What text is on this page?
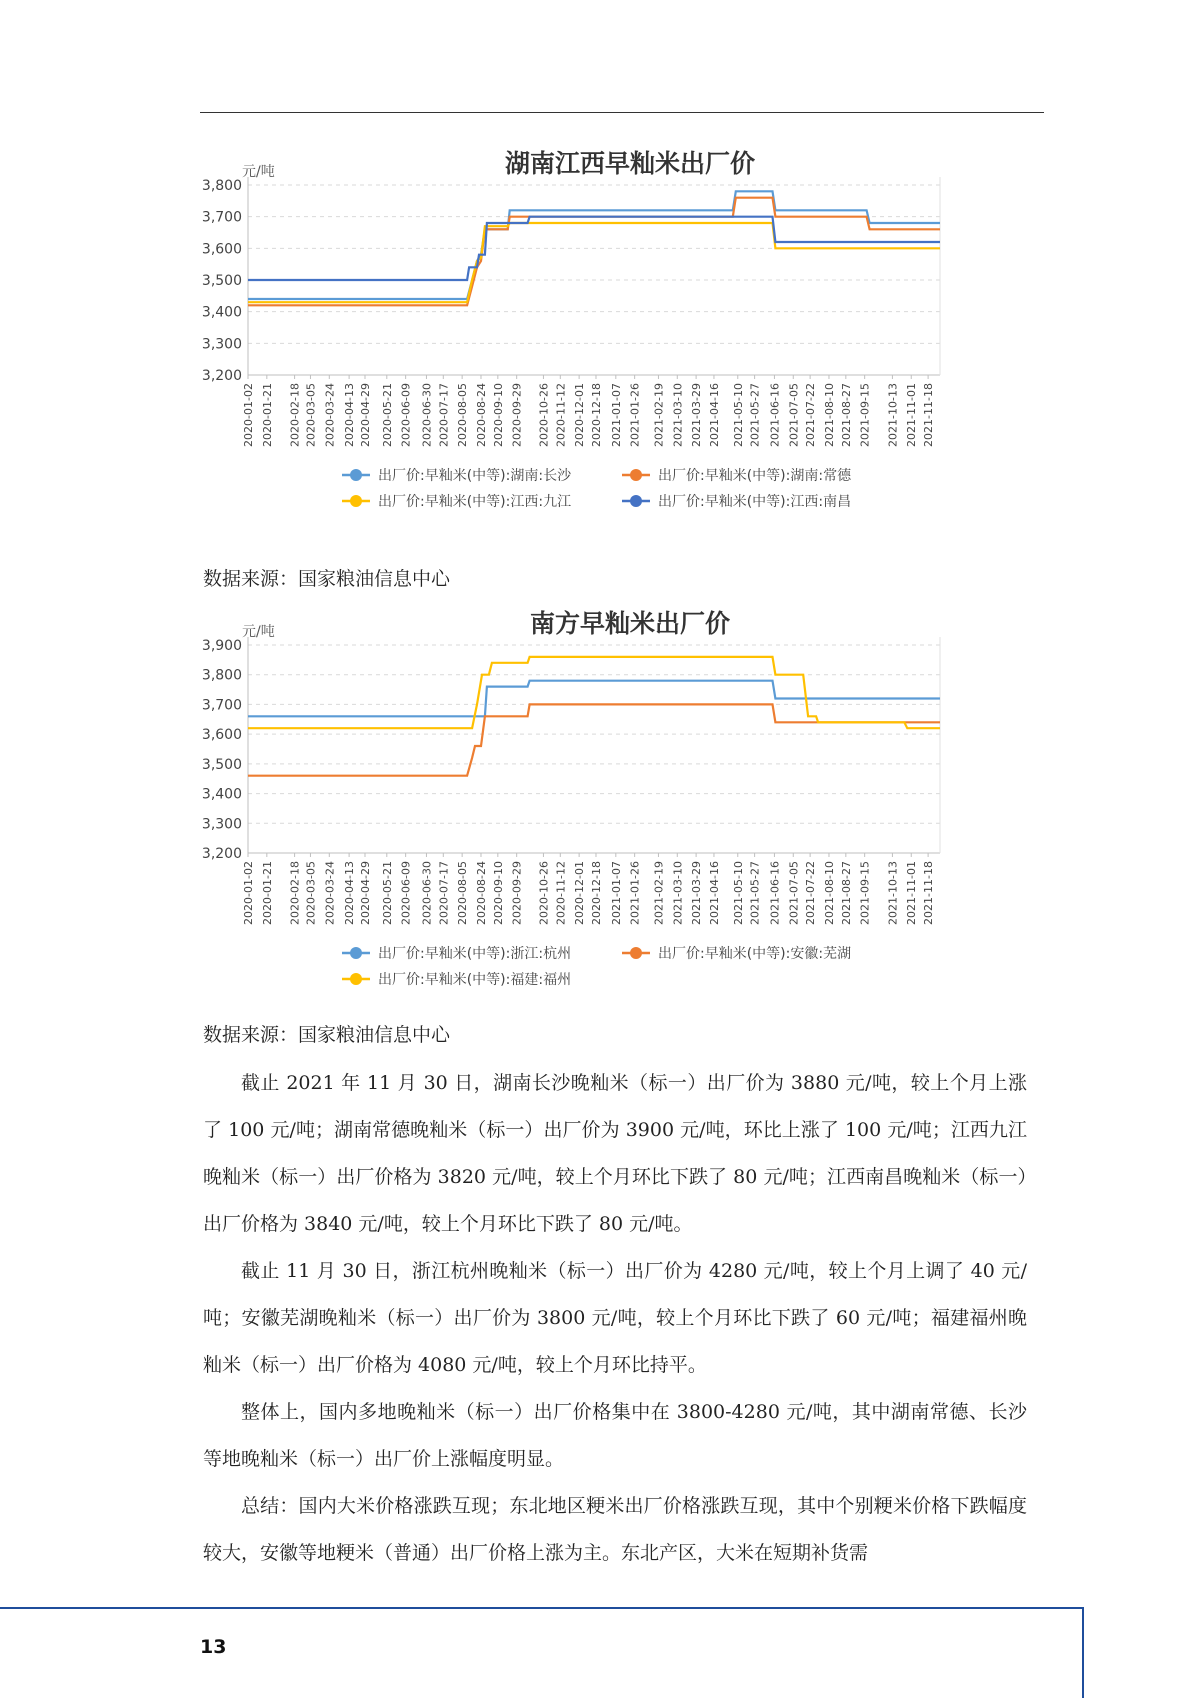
湖南江西早籼米出厂价
元/吨
3,200
3,300
3,400
3,500
3,600
3,700
3,800
2020-01-02 2020-01-21 2020-02-18 2020-03-05 2020-03-24 2020-04-13 2020-04-29 2020-05-21 2020-06-09 2020-06-30 2020-07-17 2020-08-05 2020-08-24 2020-09-10 2020-09-29 2020-10-26 2020-11-12 2020-12-01 2020-12-18 2021-01-07 2021-01-26 2021-02-19 2021-03-10 2021-03-29 2021-04-16 2021-05-10 2021-05-27 2021-06-16 2021-07-05 2021-07-22 2021-08-10 2021-08-27 2021-09-15 2021-10-13 2021-11-01 2021-11-18
出厂价:早籼米(中等):湖南:长沙	出厂价:早籼米(中等):湖南:常德
出厂价:早籼米(中等):江西:九江	出厂价:早籼米(中等):江西:南昌
数据来源：国家粮油信息中心
南方早籼米出厂价
元/吨
3,200
3,300
3,400
3,500
3,600
3,700
3,800
3,900
2020-01-02 2020-01-21 2020-02-18 2020-03-05 2020-03-24 2020-04-13 2020-04-29 2020-05-21 2020-06-09 2020-06-30 2020-07-17 2020-08-05 2020-08-24 2020-09-10 2020-09-29 2020-10-26 2020-11-12 2020-12-01 2020-12-18 2021-01-07 2021-01-26 2021-02-19 2021-03-10 2021-03-29 2021-04-16 2021-05-10 2021-05-27 2021-06-16 2021-07-05 2021-07-22 2021-08-10 2021-08-27 2021-09-15 2021-10-13 2021-11-01 2021-11-18
出厂价:早籼米(中等):浙江:杭州	出厂价:早籼米(中等):安徽:芜湖
出厂价:早籼米(中等):福建:福州
数据来源：国家粮油信息中心

截止 2021 年 11 月 30 日，湖南长沙晚籼米（标一）出厂价为 3880 元/吨，较上个月上涨了 100 元/吨；湖南常德晚籼米（标一）出厂价为 3900 元/吨，环比上涨了 100 元/吨；江西九江晚籼米（标一）出厂价格为 3820 元/吨，较上个月环比下跌了 80 元/吨；江西南昌晚籼米（标一）出厂价格为 3840 元/吨，较上个月环比下跌了 80 元/吨。

截止 11 月 30 日，浙江杭州晚籼米（标一）出厂价为 4280 元/吨，较上个月上调了 40 元/吨；安徽芜湖晚籼米（标一）出厂价为 3800 元/吨，较上个月环比下跌了 60 元/吨；福建福州晚籼米（标一）出厂价格为 4080 元/吨，较上个月环比持平。

整体上，国内多地晚籼米（标一）出厂价格集中在 3800-4280 元/吨，其中湖南常德、长沙等地晚籼米（标一）出厂价上涨幅度明显。

总结：国内大米价格涨跌互现；东北地区粳米出厂价格涨跌互现，其中个别粳米价格下跌幅度较大，安徽等地粳米（普通）出厂价格上涨为主。东北产区，大米在短期补货需

13
